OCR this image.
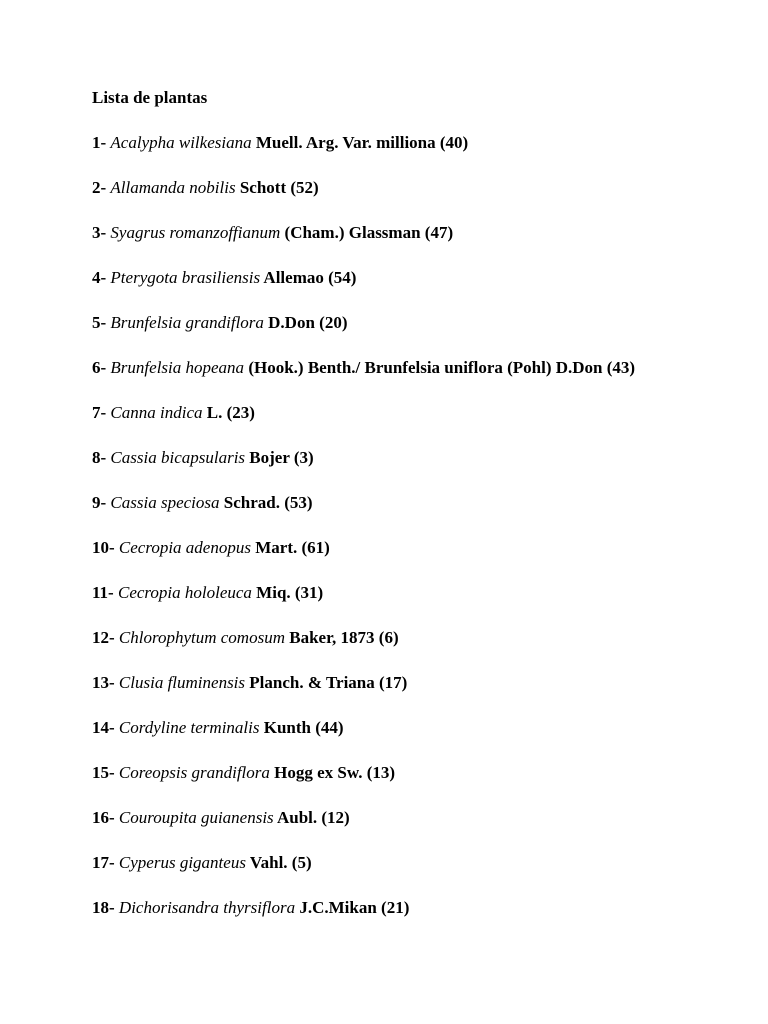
Lista de plantas
1- Acalypha wilkesiana Muell. Arg. Var. milliona (40)
2- Allamanda nobilis Schott (52)
3- Syagrus romanzoffianum (Cham.) Glassman (47)
4- Pterygota brasiliensis Allemao (54)
5- Brunfelsia grandiflora D.Don (20)
6- Brunfelsia hopeana (Hook.) Benth./ Brunfelsia uniflora (Pohl) D.Don (43)
7- Canna indica L. (23)
8- Cassia bicapsularis Bojer (3)
9- Cassia speciosa Schrad. (53)
10- Cecropia adenopus Mart. (61)
11- Cecropia hololeuca Miq. (31)
12- Chlorophytum comosum Baker, 1873 (6)
13- Clusia fluminensis Planch. & Triana (17)
14- Cordyline terminalis Kunth (44)
15- Coreopsis grandiflora Hogg ex Sw. (13)
16- Couroupita guianensis Aubl. (12)
17- Cyperus giganteus Vahl. (5)
18- Dichorisandra thyrsiflora J.C.Mikan (21)
